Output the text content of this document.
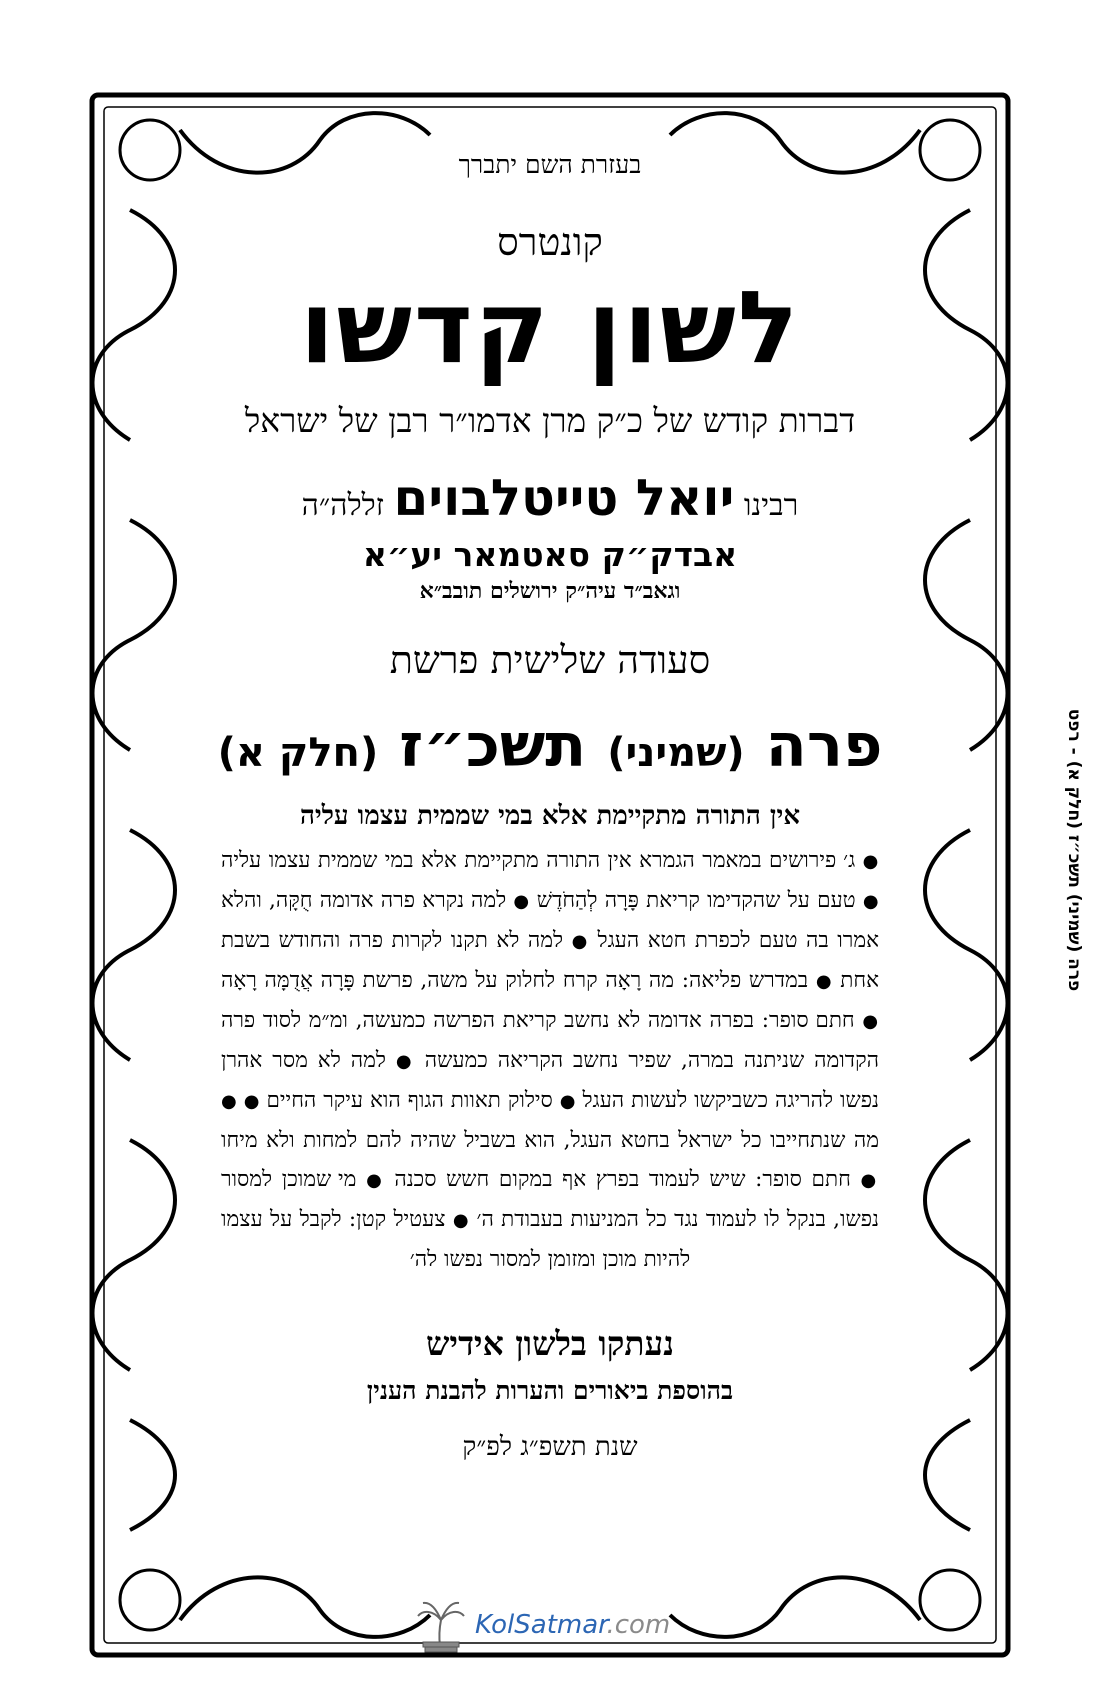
בעזרת השם יתברך
קונטרס
לשון קדשו
דברות קודש של כ״ק מרן אדמו״ר רבן של ישראל
רבינו יואל טייטלבוים זללה״ה
אבדק״ק סאטמאר יע״א
וגאב״ד עיה״ק ירושלים תובב״א
סעודה שלישית פרשת
פרה (שמיני) תשכ״ז (חלק א)
אין התורה מתקיימת אלא במי שממית עצמו עליה
● ג׳ פירושים במאמר הגמרא אין התורה מתקיימת אלא במי שממית עצמו עליה ● טעם על שהקדימו קריאת פָּרָה לְהַחֹדֶשׁ ● למה נקרא פרה אדומה חֻקָּה, והלא אמרו בה טעם לכפרת חטא העגל ● למה לא תקנו לקרות פרה והחודש בשבת אחת ● במדרש פליאה: מה רָאָה קרח לחלוק על משה, פרשת פָּרָה אֲדֻמָּה רָאָה ● חתם סופר: בפרה אדומה לא נחשב קריאת הפרשה כמעשה, ומ״מ לסוד פרה הקדומה שניתנה במרה, שפיר נחשב הקריאה כמעשה ● למה לא מסר אהרן נפשו להריגה כשביקשו לעשות העגל ● סילוק תאוות הגוף הוא עיקר החיים ● ● מה שנתחייבו כל ישראל בחטא העגל, הוא בשביל שהיה להם למחות ולא מיחו ● חתם סופר: שיש לעמוד בפרץ אף במקום חשש סכנה ● מי שמוכן למסור נפשו, בנקל לו לעמוד נגד כל המניעות בעבודת ה׳ ● צעטיל קטן: לקבל על עצמו להיות מוכן ומזומן למסור נפשו לה׳
נעתקו בלשון אידיש
בהוספת ביאורים והערות להבנת הענין
שנת תשפ״ג לפ״ק
פרה (שמיני) תשכ״ז (חלק א) - רפט
KolSatmar.com
